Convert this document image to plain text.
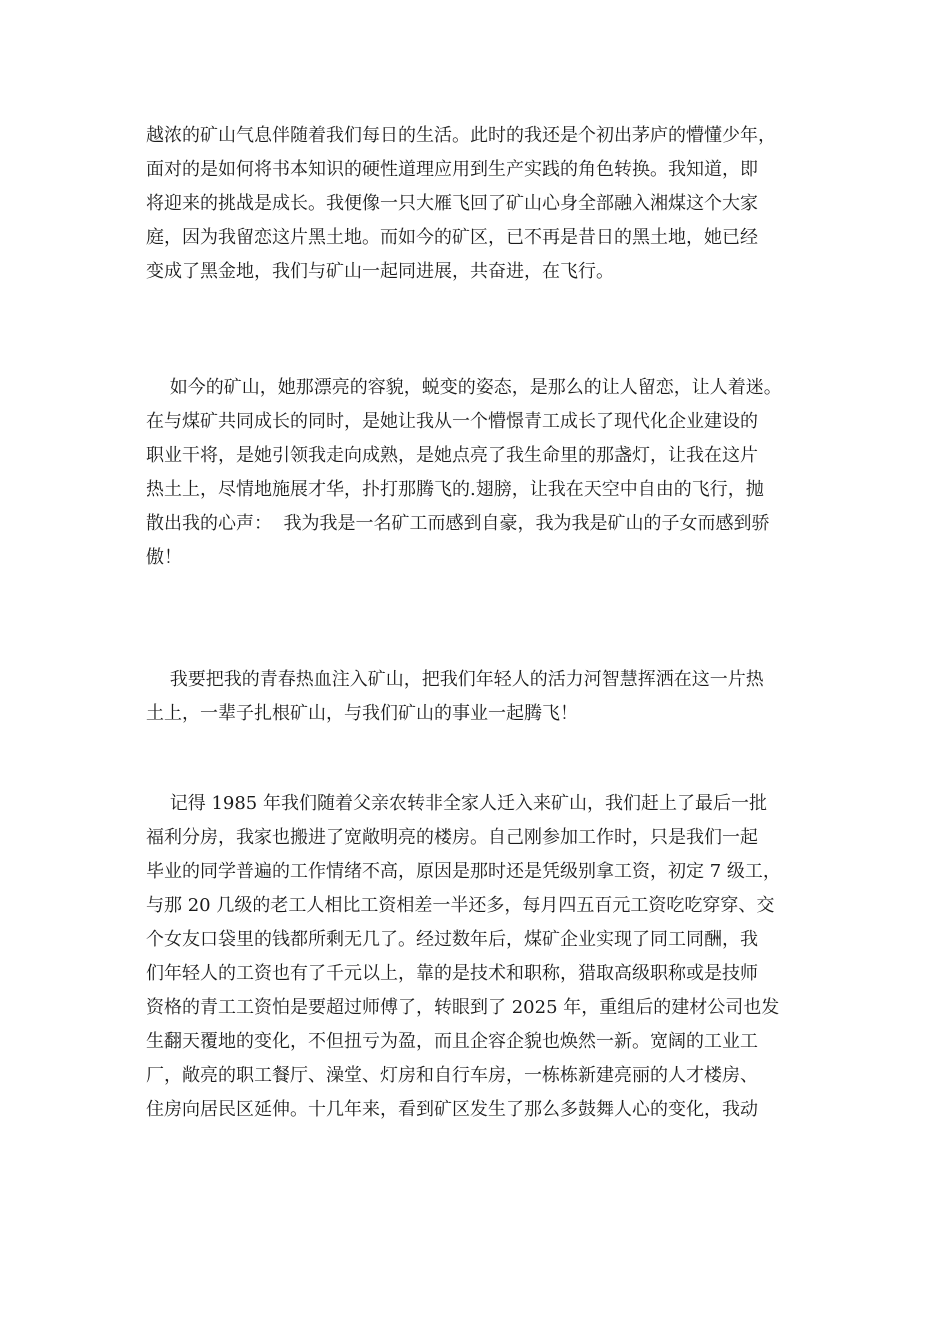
越浓的矿山气息伴随着我们每日的生活。此时的我还是个初出茅庐的懵懂少年，
面对的是如何将书本知识的硬性道理应用到生产实践的角色转换。我知道，即
将迎来的挑战是成长。我便像一只大雁飞回了矿山心身全部融入湘煤这个大家
庭，因为我留恋这片黑土地。而如今的矿区，已不再是昔日的黑土地，她已经
变成了黑金地，我们与矿山一起同进展，共奋进，在飞行。
　 如今的矿山，她那漂亮的容貌，蜕变的姿态，是那么的让人留恋，让人着迷。
在与煤矿共同成长的同时，是她让我从一个懵憬青工成长了现代化企业建设的
职业干将，是她引领我走向成熟，是她点亮了我生命里的那盏灯，让我在这片
热土上，尽情地施展才华，扑打那腾飞的.翅膀，让我在天空中自由的飞行，抛
散出我的心声：  我为我是一名矿工而感到自豪，我为我是矿山的子女而感到骄
傲！
　 我要把我的青春热血注入矿山，把我们年轻人的活力河智慧挥洒在这一片热
土上，一辈子扎根矿山，与我们矿山的事业一起腾飞！
　 记得 1985 年我们随着父亲农转非全家人迁入来矿山，我们赶上了最后一批
福利分房，我家也搬进了宽敞明亮的楼房。自己刚参加工作时，只是我们一起
毕业的同学普遍的工作情绪不高，原因是那时还是凭级别拿工资，初定 7 级工，
与那 20 几级的老工人相比工资相差一半还多，每月四五百元工资吃吃穿穿、交
个女友口袋里的钱都所剩无几了。经过数年后，煤矿企业实现了同工同酬，我
们年轻人的工资也有了千元以上，靠的是技术和职称，猎取高级职称或是技师
资格的青工工资怕是要超过师傅了，转眼到了 2025 年，重组后的建材公司也发
生翻天覆地的变化，不但扭亏为盈，而且企容企貌也焕然一新。宽阔的工业工
厂，敞亮的职工餐厅、澡堂、灯房和自行车房，一栋栋新建亮丽的人才楼房、
住房向居民区延伸。十几年来，看到矿区发生了那么多鼓舞人心的变化，我动
